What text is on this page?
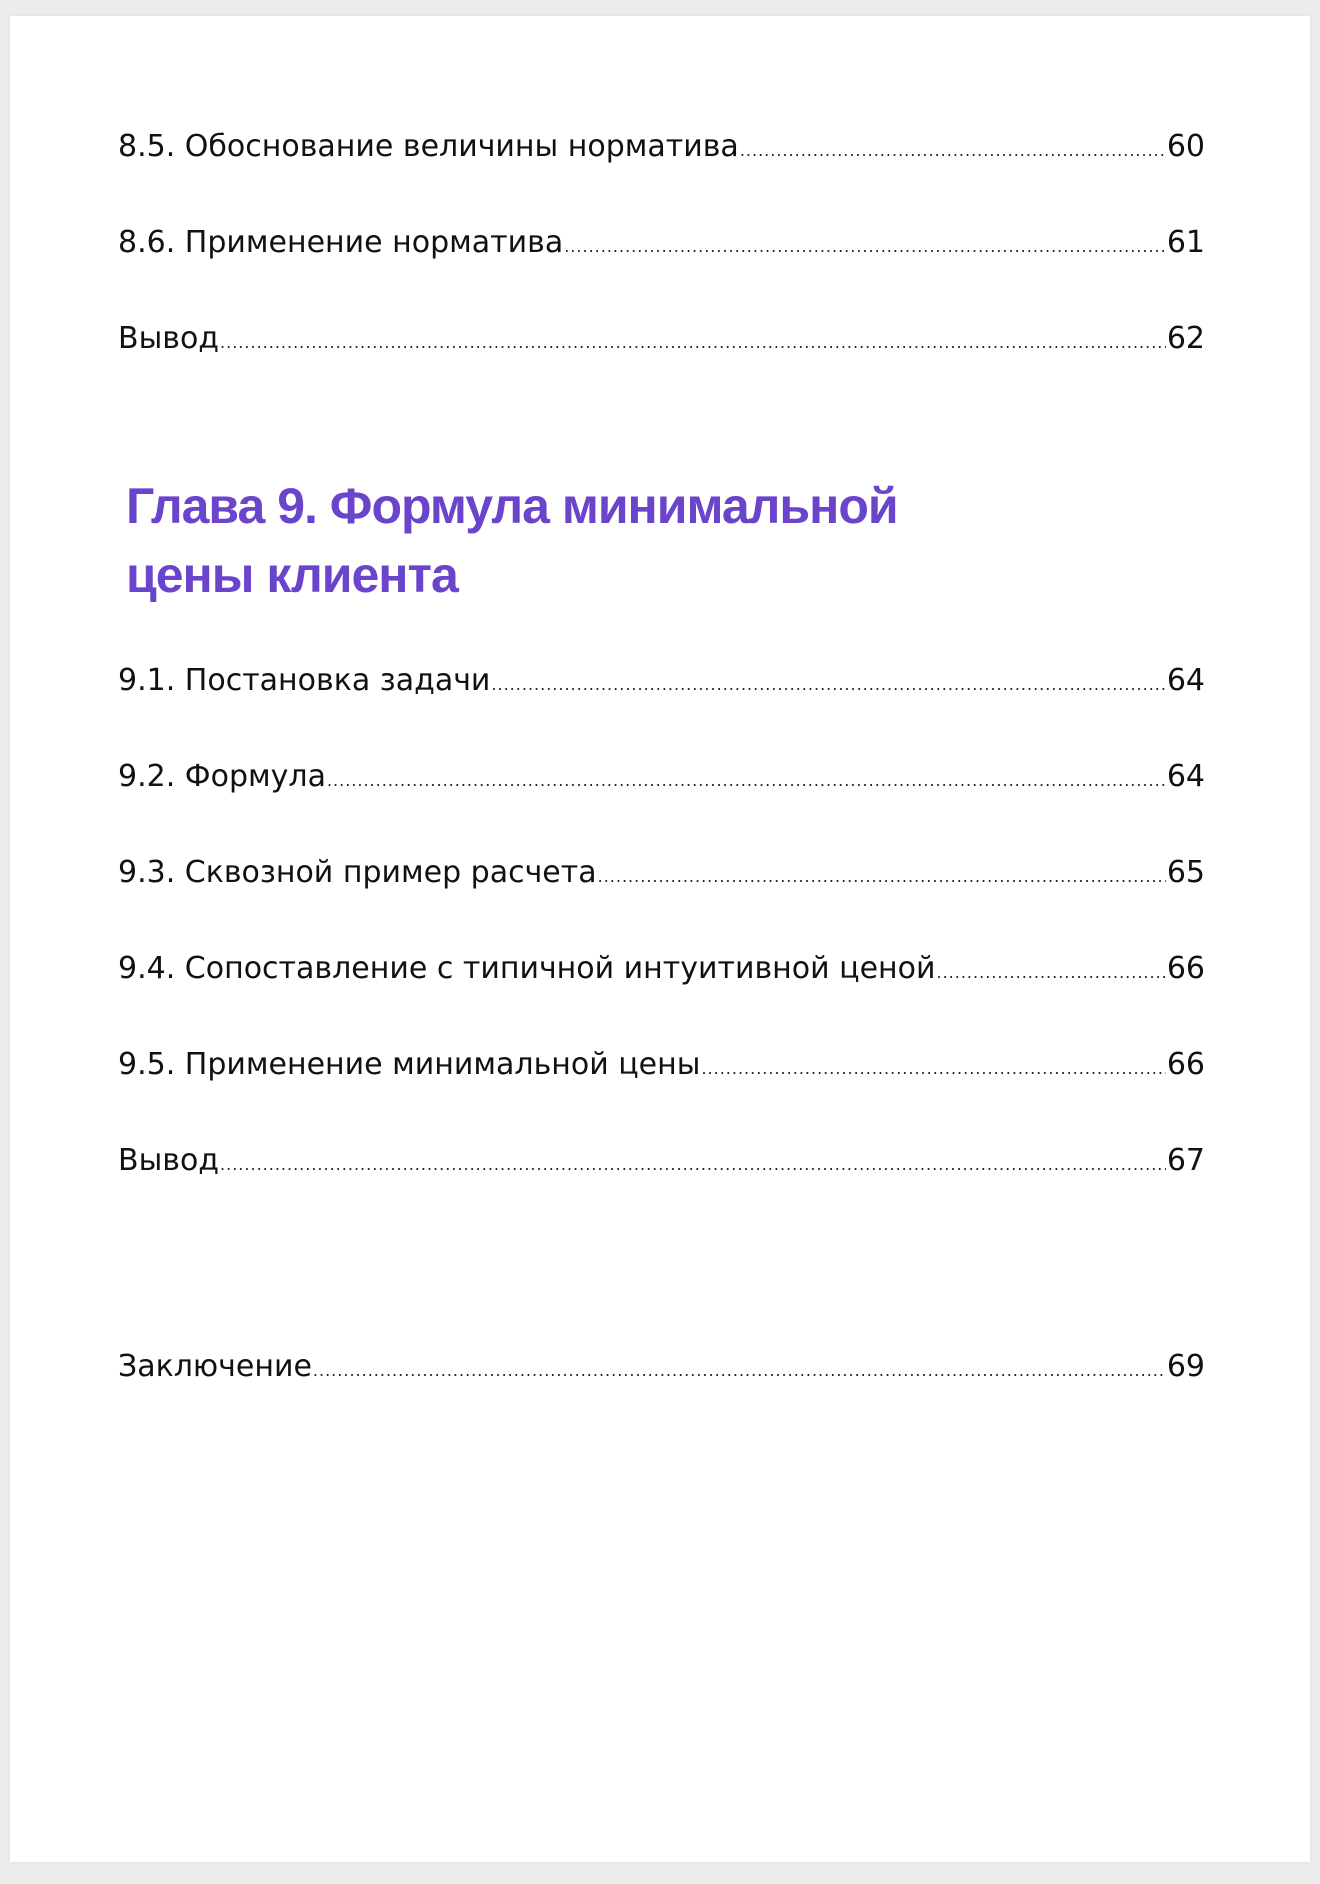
8.5. Обоснование величины норматива .....	60
8.6. Применение норматива .....	61
Вывод .....	62
Глава 9. Формула минимальной
цены клиента
9.1. Постановка задачи .....	64
9.2. Формула .....	64
9.3. Сквозной пример расчета .....	65
9.4. Сопоставление с типичной интуитивной ценой .....	66
9.5. Применение минимальной цены .....	66
Вывод .....	67
Заключение .....	69
